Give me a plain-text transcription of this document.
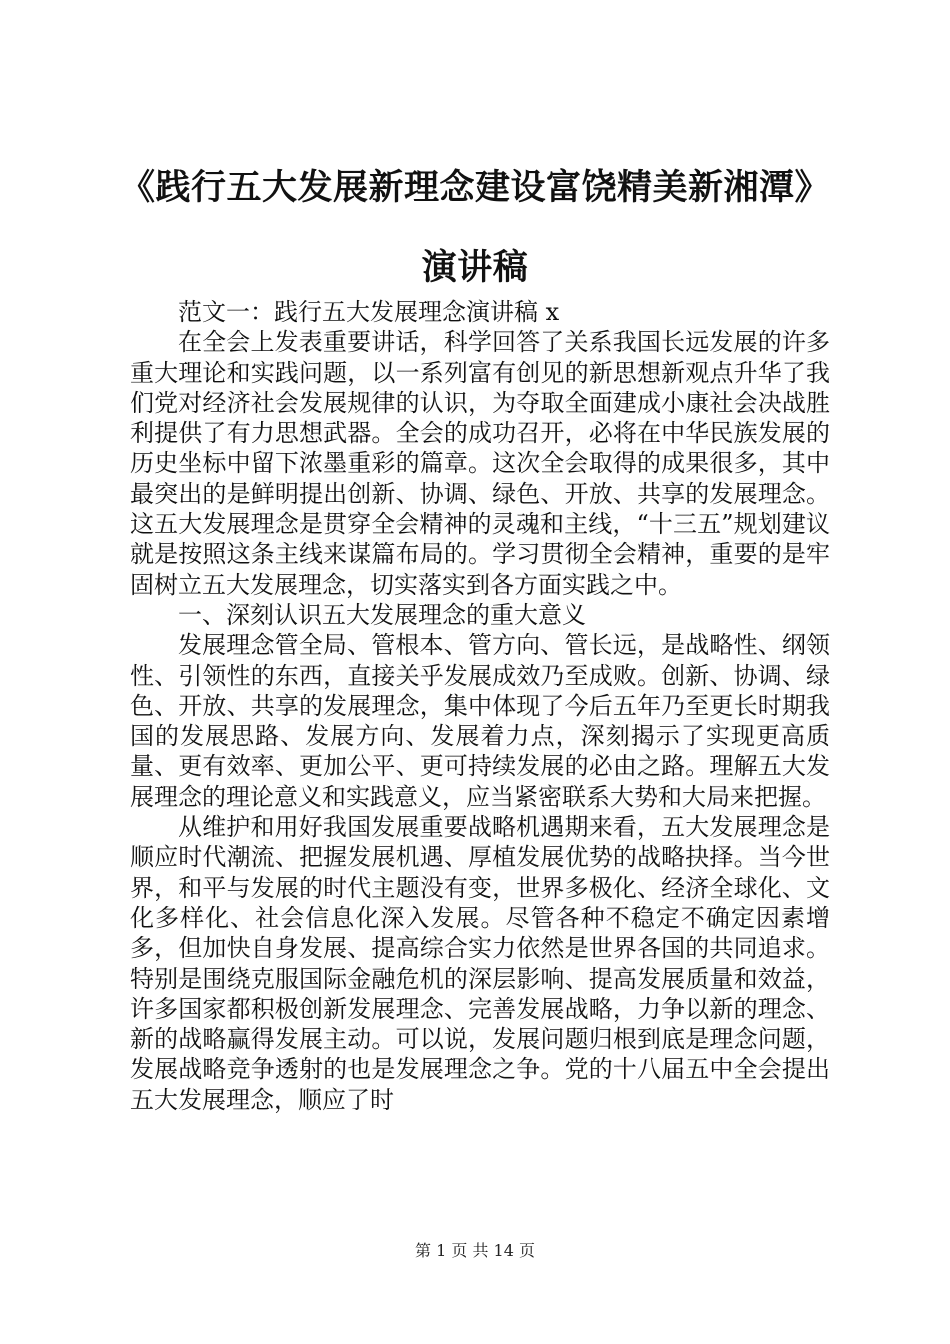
《践行五大发展新理念建设富饶精美新湘潭》
演讲稿

范文一：践行五大发展理念演讲稿 x

在全会上发表重要讲话，科学回答了关系我国长远发展的许多重大理论和实践问题，以一系列富有创见的新思想新观点升华了我们党对经济社会发展规律的认识，为夺取全面建成小康社会决战胜利提供了有力思想武器。全会的成功召开，必将在中华民族发展的历史坐标中留下浓墨重彩的篇章。这次全会取得的成果很多，其中最突出的是鲜明提出创新、协调、绿色、开放、共享的发展理念。这五大发展理念是贯穿全会精神的灵魂和主线，“十三五”规划建议就是按照这条主线来谋篇布局的。学习贯彻全会精神，重要的是牢固树立五大发展理念，切实落实到各方面实践之中。

一、深刻认识五大发展理念的重大意义

发展理念管全局、管根本、管方向、管长远，是战略性、纲领性、引领性的东西，直接关乎发展成效乃至成败。创新、协调、绿色、开放、共享的发展理念，集中体现了今后五年乃至更长时期我国的发展思路、发展方向、发展着力点，深刻揭示了实现更高质量、更有效率、更加公平、更可持续发展的必由之路。理解五大发展理念的理论意义和实践意义，应当紧密联系大势和大局来把握。

从维护和用好我国发展重要战略机遇期来看，五大发展理念是顺应时代潮流、把握发展机遇、厚植发展优势的战略抉择。当今世界，和平与发展的时代主题没有变，世界多极化、经济全球化、文化多样化、社会信息化深入发展。尽管各种不稳定不确定因素增多，但加快自身发展、提高综合实力依然是世界各国的共同追求。特别是围绕克服国际金融危机的深层影响、提高发展质量和效益，许多国家都积极创新发展理念、完善发展战略，力争以新的理念、新的战略赢得发展主动。可以说，发展问题归根到底是理念问题，发展战略竞争透射的也是发展理念之争。党的十八届五中全会提出五大发展理念，顺应了时

第 1 页 共 14 页
